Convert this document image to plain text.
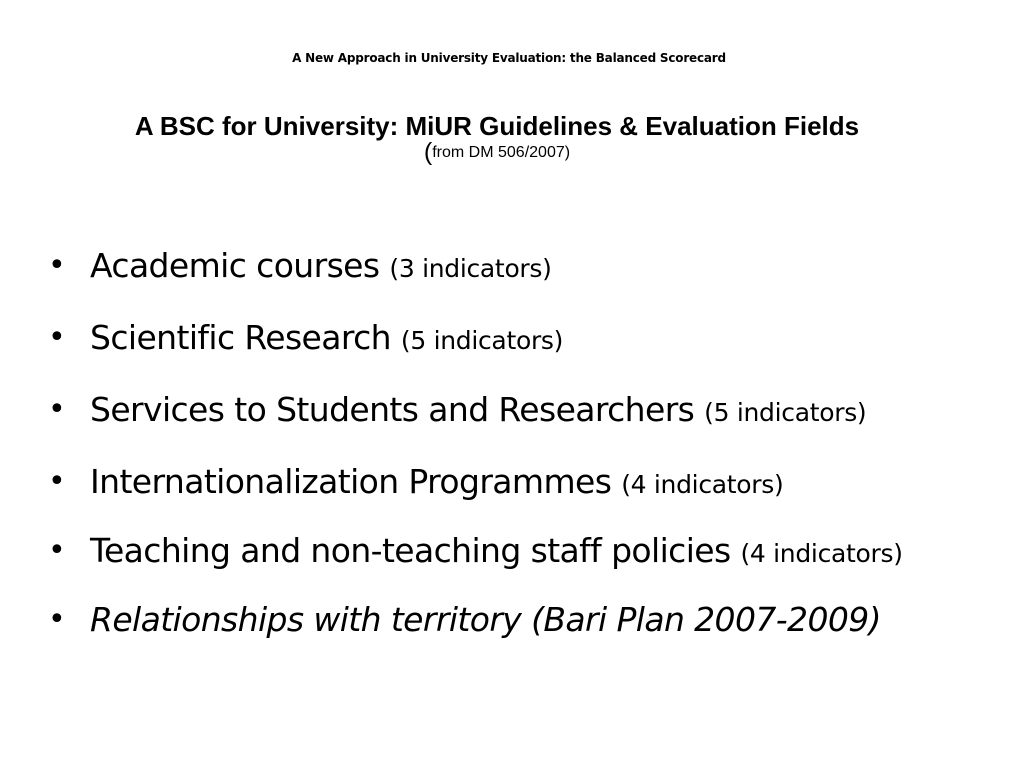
A New Approach in University Evaluation: the Balanced Scorecard
A BSC for University: MiUR Guidelines & Evaluation Fields
(from DM 506/2007)
• Academic courses (3 indicators)
• Scientific Research (5 indicators)
• Services to Students and Researchers (5 indicators)
• Internationalization Programmes (4 indicators)
• Teaching and non-teaching staff policies (4 indicators)
• Relationships with territory (Bari Plan 2007-2009)
